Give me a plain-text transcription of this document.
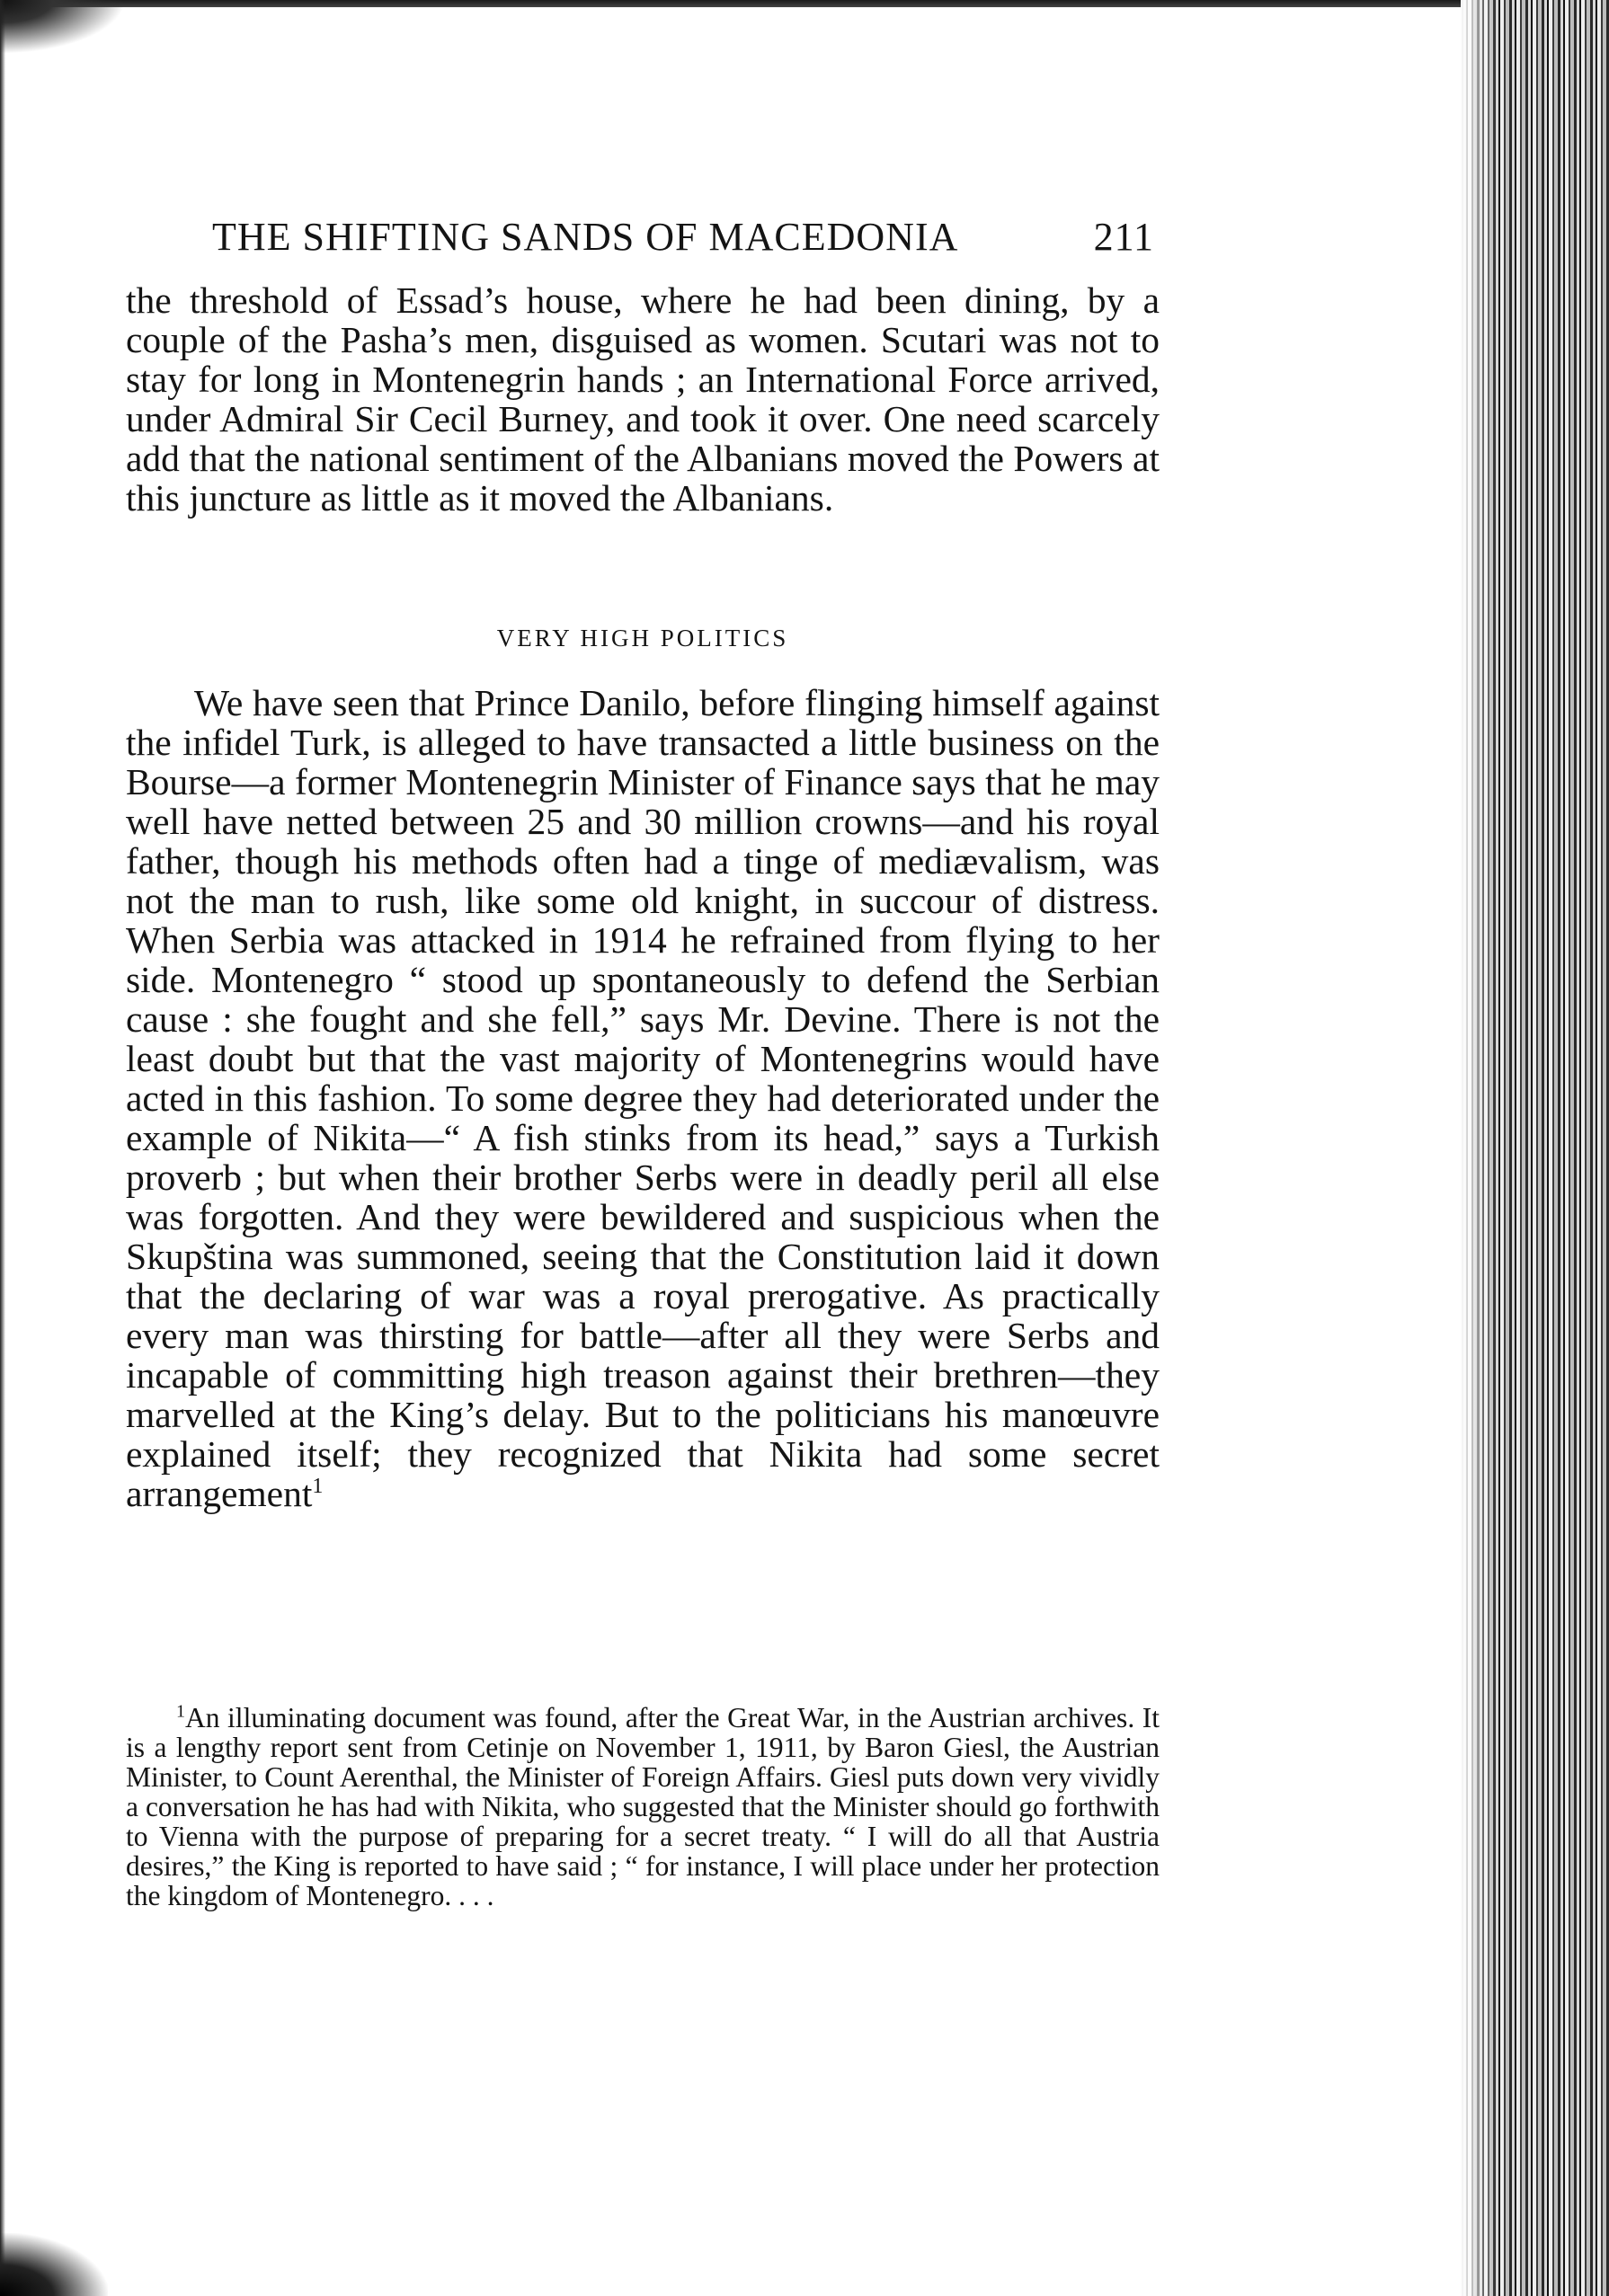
THE SHIFTING SANDS OF MACEDONIA	211

the threshold of Essad’s house, where he had been dining, by a couple of the Pasha’s men, disguised as women. Scutari was not to stay for long in Montenegrin hands ; an International Force arrived, under Admiral Sir Cecil Burney, and took it over. One need scarcely add that the national sentiment of the Albanians moved the Powers at this juncture as little as it moved the Albanians.

VERY HIGH POLITICS

We have seen that Prince Danilo, before flinging himself against the infidel Turk, is alleged to have transacted a little business on the Bourse—a former Montenegrin Minister of Finance says that he may well have netted between 25 and 30 million crowns—and his royal father, though his methods often had a tinge of mediævalism, was not the man to rush, like some old knight, in succour of distress. When Serbia was attacked in 1914 he refrained from flying to her side. Montenegro “ stood up spontaneously to defend the Serbian cause : she fought and she fell,” says Mr. Devine. There is not the least doubt but that the vast majority of Montenegrins would have acted in this fashion. To some degree they had deteriorated under the example of Nikita—“ A fish stinks from its head,” says a Turkish proverb ; but when their brother Serbs were in deadly peril all else was forgotten. And they were bewildered and suspicious when the Skupština was summoned, seeing that the Constitution laid it down that the declaring of war was a royal prerogative. As practically every man was thirsting for battle—after all they were Serbs and incapable of committing high treason against their brethren—they marvelled at the King’s delay. But to the politicians his manœuvre explained itself; they recognized that Nikita had some secret arrangement$^1$

$^1$An illuminating document was found, after the Great War, in the Austrian archives. It is a lengthy report sent from Cetinje on November 1, 1911, by Baron Giesl, the Austrian Minister, to Count Aerenthal, the Minister of Foreign Affairs. Giesl puts down very vividly a conversation he has had with Nikita, who suggested that the Minister should go forthwith to Vienna with the purpose of preparing for a secret treaty. “ I will do all that Austria desires,” the King is reported to have said ; “ for instance, I will place under her protection the kingdom of Montenegro. . . .
